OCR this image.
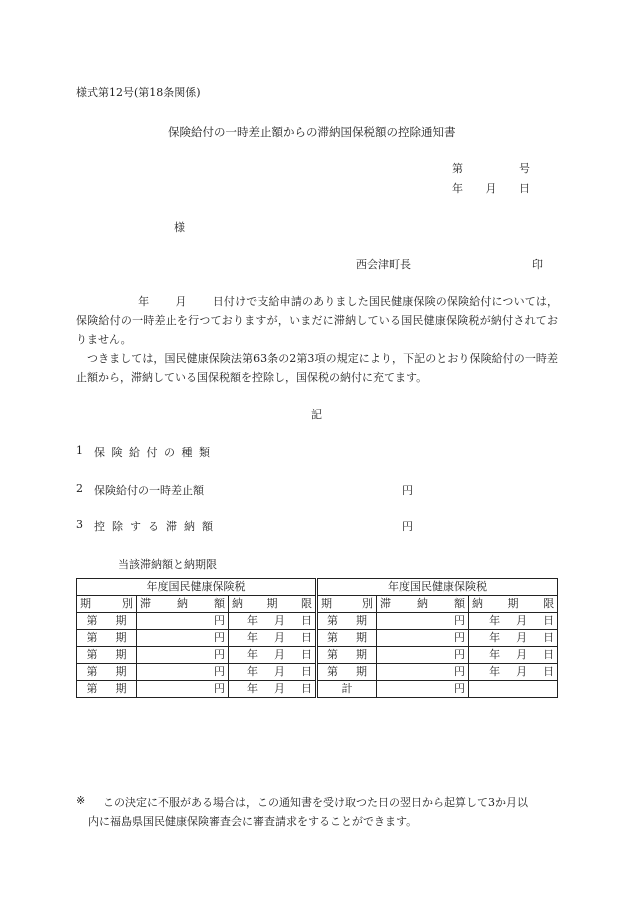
様式第12号(第18条関係)
保険給付の一時差止額からの滞納国保税額の控除通知書
第	号
年 月 日
様
西会津町長	印
年 月 日付けで支給申請のありました国民健康保険の保険給付については，保険給付の一時差止を行つておりますが，いまだに滞納している国民健康保険税が納付されておりません。
つきましては，国民健康保険法第63条の2第3項の規定により，下記のとおり保険給付の一時差止額から，滞納している国保税額を控除し，国保税の納付に充てます。
記
1 保険給付の種類
2 保険給付の一時差止額	円
3 控除する滞納額	円
当該滞納額と納期限
年度国民健康保険税			年度国民健康保険税		

期 別	滞 納 額	納 期 限	期 別	滞 納 額	納 期 限

第 期	円	年 月 日	第 期	円	年 月 日

第 期	円	年 月 日	第 期	円	年 月 日

第 期	円	年 月 日	第 期	円	年 月 日

第 期	円	年 月 日	第 期	円	年 月 日

第 期	円	年 月 日	計	円	
※ この決定に不服がある場合は，この通知書を受け取つた日の翌日から起算して3か月以
内に福島県国民健康保険審査会に審査請求をすることができます。
